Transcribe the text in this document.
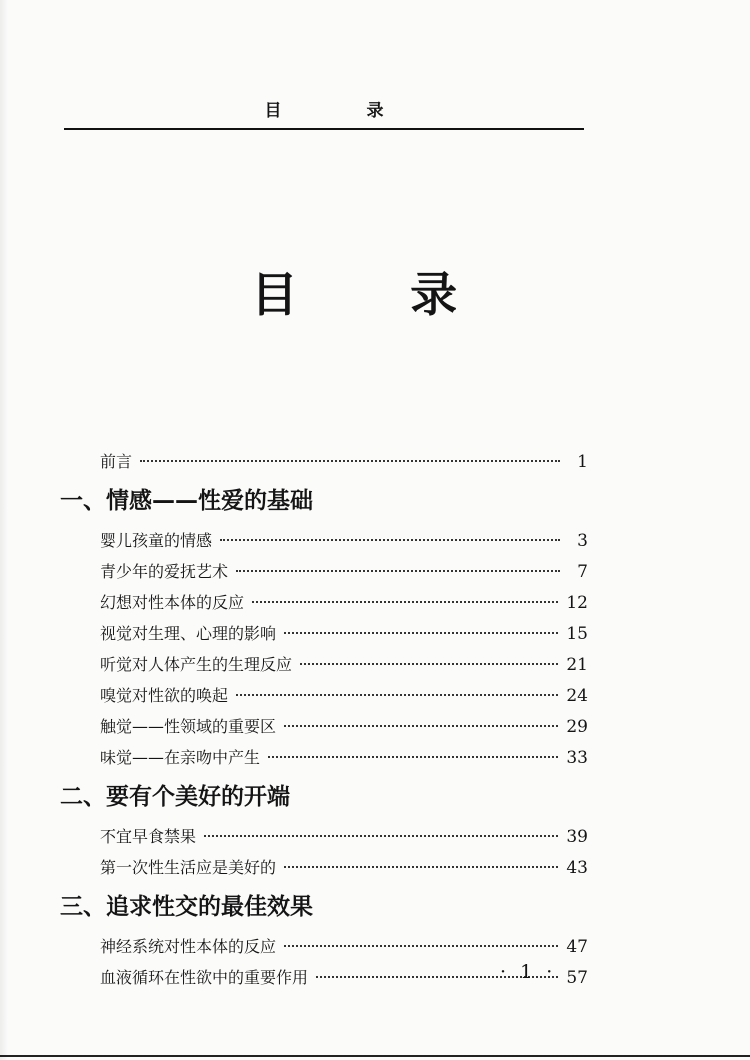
目　录
目 录
前言	1
一、情感——性爱的基础
婴儿孩童的情感	3
青少年的爱抚艺术	7
幻想对性本体的反应	12
视觉对生理、心理的影响	15
听觉对人体产生的生理反应	21
嗅觉对性欲的唤起	24
触觉——性领域的重要区	29
味觉——在亲吻中产生	33
二、要有个美好的开端
不宜早食禁果	39
第一次性生活应是美好的	43
三、追求性交的最佳效果
神经系统对性本体的反应	47
血液循环在性欲中的重要作用	57
· 1 ·
